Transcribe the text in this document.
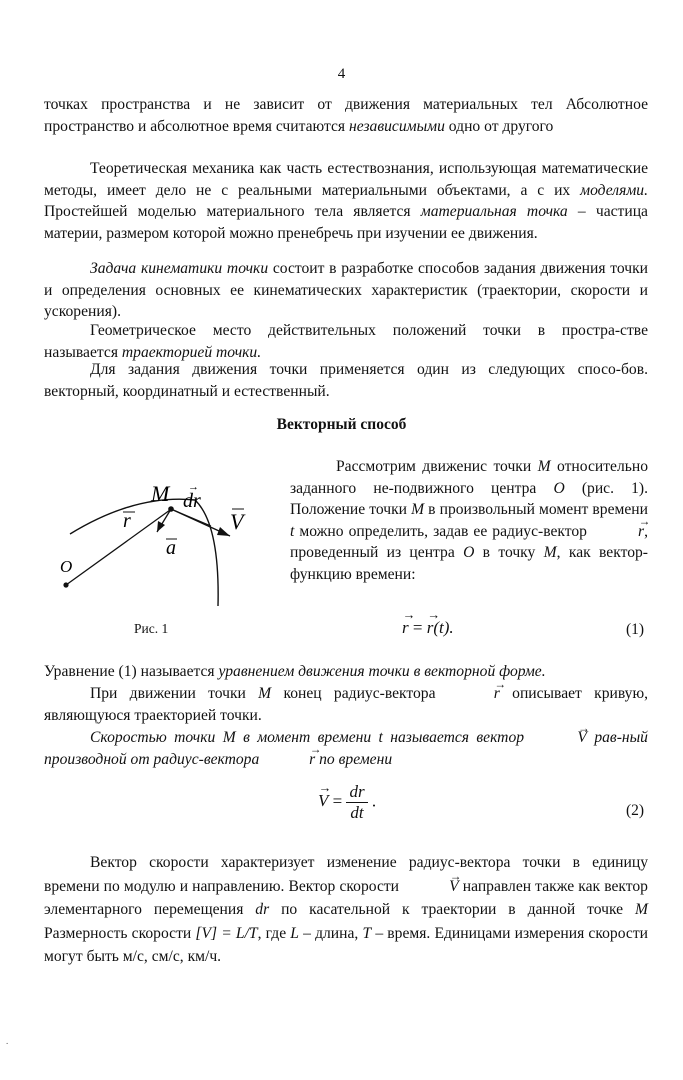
4
точках пространства и не зависит от движения материальных тел Абсолютное пространство и абсолютное время считаются независимыми одно от другого
Теоретическая механика как часть естествознания, использующая математические методы, имеет дело не с реальными материальными объектами, а с их моделями. Простейшей моделью материального тела является материальная точка – частица материи, размером которой можно пренебречь при изучении ее движения.
Задача кинематики точки состоит в разработке способов задания движения точки и определения основных ее кинематических характеристик (траектории, скорости и ускорения).
Геометрическое место действительных положений точки в простра-стве называется траекторией точки.
Для задания движения точки применяется один из следующих спосо-бов. векторный, координатный и естественный.
Векторный способ
M dr
→
r	V
a
O
Рис. 1
Рассмотрим движенис точки M относительно заданного не-подвижного центра O (рис. 1). Положение точки M в произвольный момент времени t можно определить, задав ее радиус-вектор	→ r, проведенный из центра O в точку M, как вектор-функцию времени:
→ r = → r(t).	(1)
Уравнение (1) называется уравнением движения точки в векторной форме.
При движении точки M конец радиус-вектора	→ r описывает кривую, являющуюся траекторией точки.
Скоростью точки M в момент времени t называется вектор	→ V рав-ный производной от радиус-вектора	→ r по времени
→ $V = \frac{dr}{dt}$ .
(2)
Вектор скорости характеризует изменение радиус-вектора точки в единицу времени по модулю и направлению. Вектор скорости	→ V направлен также как вектор элементарного перемещения dr по касательной к траектории в данной точке M Размерность скорости [V] = L/T, где L – длина, T – время. Единицами измерения скорости могут быть м/с, см/с, км/ч.
.
